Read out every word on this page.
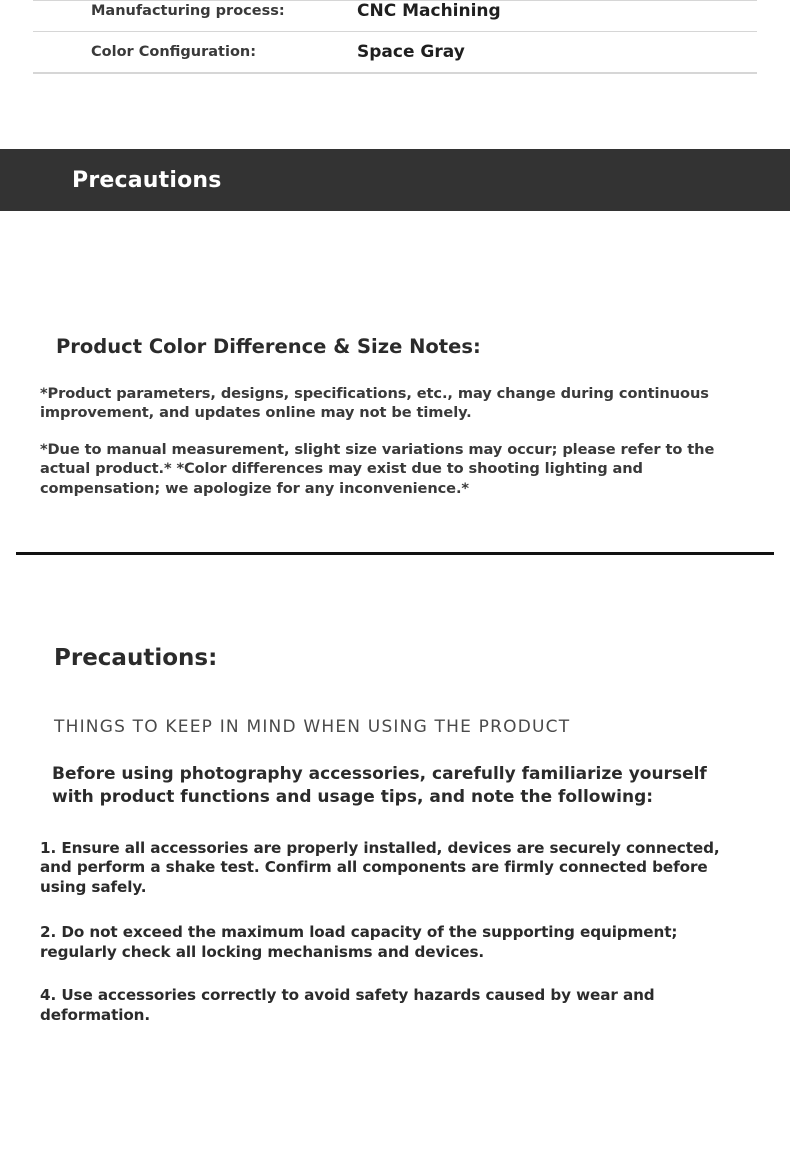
Manufacturing process:	CNC Machining
Color Configuration:	Space Gray
Precautions
Product Color Difference & Size Notes:
*Product parameters, designs, specifications, etc., may change during continuous improvement, and updates online may not be timely.
*Due to manual measurement, slight size variations may occur; please refer to the actual product.* *Color differences may exist due to shooting lighting and compensation; we apologize for any inconvenience.*
Precautions:
THINGS TO KEEP IN MIND WHEN USING THE PRODUCT
Before using photography accessories, carefully familiarize yourself with product functions and usage tips, and note the following:
1. Ensure all accessories are properly installed, devices are securely connected, and perform a shake test. Confirm all components are firmly connected before using safely.
2. Do not exceed the maximum load capacity of the supporting equipment; regularly check all locking mechanisms and devices.
4. Use accessories correctly to avoid safety hazards caused by wear and deformation.
